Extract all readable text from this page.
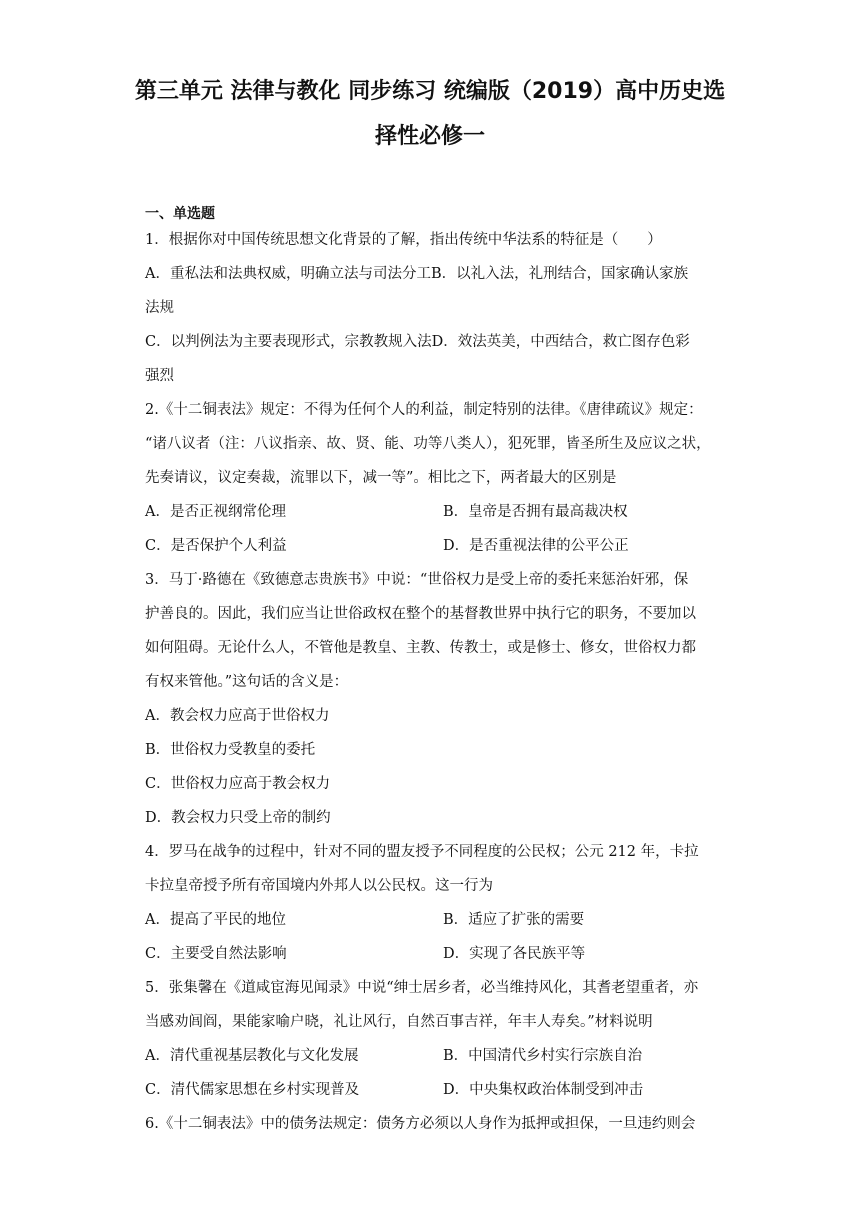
第三单元 法律与教化 同步练习 统编版（2019）高中历史选
择性必修一
一、单选题
1．根据你对中国传统思想文化背景的了解，指出传统中华法系的特征是（　　）
A．重私法和法典权威，明确立法与司法分工B．以礼入法，礼刑结合，国家确认家族
法规
C．以判例法为主要表现形式，宗教教规入法D．效法英美，中西结合，救亡图存色彩
强烈
2.《十二铜表法》规定：不得为任何个人的利益，制定特别的法律。《唐律疏议》规定：
“诸八议者（注：八议指亲、故、贤、能、功等八类人），犯死罪，皆圣所生及应议之状，
先奏请议，议定奏裁，流罪以下，减一等”。相比之下，两者最大的区别是
A．是否正视纲常伦理	B．皇帝是否拥有最高裁决权
C．是否保护个人利益	D．是否重视法律的公平公正
3．马丁·路德在《致德意志贵族书》中说：“世俗权力是受上帝的委托来惩治奸邪，保
护善良的。因此，我们应当让世俗政权在整个的基督教世界中执行它的职务，不要加以
如何阻碍。无论什么人，不管他是教皇、主教、传教士，或是修士、修女，世俗权力都
有权来管他。”这句话的含义是：
A．教会权力应高于世俗权力
B．世俗权力受教皇的委托
C．世俗权力应高于教会权力
D．教会权力只受上帝的制约
4．罗马在战争的过程中，针对不同的盟友授予不同程度的公民权；公元 212 年，卡拉
卡拉皇帝授予所有帝国境内外邦人以公民权。这一行为
A．提高了平民的地位	B．适应了扩张的需要
C．主要受自然法影响	D．实现了各民族平等
5．张集馨在《道咸宦海见闻录》中说“绅士居乡者，必当维持风化，其耆老望重者，亦
当感劝闾阎，果能家喻户晓，礼让风行，自然百事吉祥，年丰人寿矣。”材料说明
A．清代重视基层教化与文化发展	B．中国清代乡村实行宗族自治
C．清代儒家思想在乡村实现普及	D．中央集权政治体制受到冲击
6.《十二铜表法》中的债务法规定：债务方必须以人身作为抵押或担保，一旦违约则会
